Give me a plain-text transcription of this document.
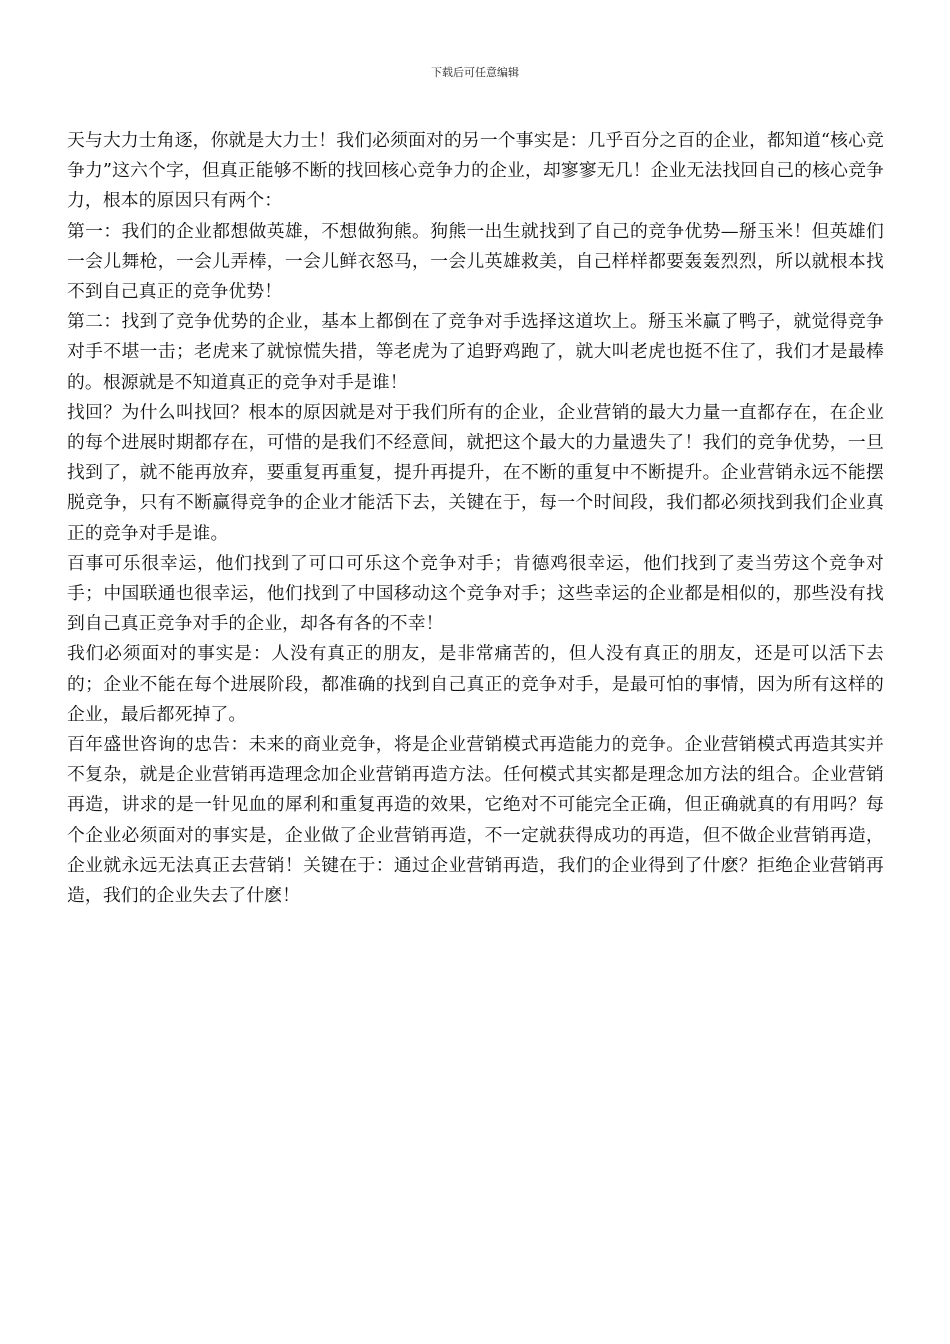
下载后可任意编辑

天与大力士角逐，你就是大力士！我们必须面对的另一个事实是：几乎百分之百的企业，都知道“核心竞争力”这六个字，但真正能够不断的找回核心竞争力的企业，却寥寥无几！企业无法找回自己的核心竞争力，根本的原因只有两个：

第一：我们的企业都想做英雄，不想做狗熊。狗熊一出生就找到了自己的竞争优势—掰玉米！但英雄们一会儿舞枪，一会儿弄棒，一会儿鲜衣怒马，一会儿英雄救美，自己样样都要轰轰烈烈，所以就根本找不到自己真正的竞争优势！

第二：找到了竞争优势的企业，基本上都倒在了竞争对手选择这道坎上。掰玉米赢了鸭子，就觉得竞争对手不堪一击；老虎来了就惊慌失措，等老虎为了追野鸡跑了，就大叫老虎也挺不住了，我们才是最棒的。根源就是不知道真正的竞争对手是谁！

找回？为什么叫找回？根本的原因就是对于我们所有的企业，企业营销的最大力量一直都存在，在企业的每个进展时期都存在，可惜的是我们不经意间，就把这个最大的力量遗失了！我们的竞争优势，一旦找到了，就不能再放弃，要重复再重复，提升再提升，在不断的重复中不断提升。企业营销永远不能摆脱竞争，只有不断赢得竞争的企业才能活下去，关键在于，每一个时间段，我们都必须找到我们企业真正的竞争对手是谁。

百事可乐很幸运，他们找到了可口可乐这个竞争对手；肯德鸡很幸运，他们找到了麦当劳这个竞争对手；中国联通也很幸运，他们找到了中国移动这个竞争对手；这些幸运的企业都是相似的，那些没有找到自己真正竞争对手的企业，却各有各的不幸！

我们必须面对的事实是：人没有真正的朋友，是非常痛苦的，但人没有真正的朋友，还是可以活下去的；企业不能在每个进展阶段，都准确的找到自己真正的竞争对手，是最可怕的事情，因为所有这样的企业，最后都死掉了。

百年盛世咨询的忠告：未来的商业竞争，将是企业营销模式再造能力的竞争。企业营销模式再造其实并不复杂，就是企业营销再造理念加企业营销再造方法。任何模式其实都是理念加方法的组合。企业营销再造，讲求的是一针见血的犀利和重复再造的效果，它绝对不可能完全正确，但正确就真的有用吗？每个企业必须面对的事实是，企业做了企业营销再造，不一定就获得成功的再造，但不做企业营销再造，企业就永远无法真正去营销！关键在于：通过企业营销再造，我们的企业得到了什麽？拒绝企业营销再造，我们的企业失去了什麽！
